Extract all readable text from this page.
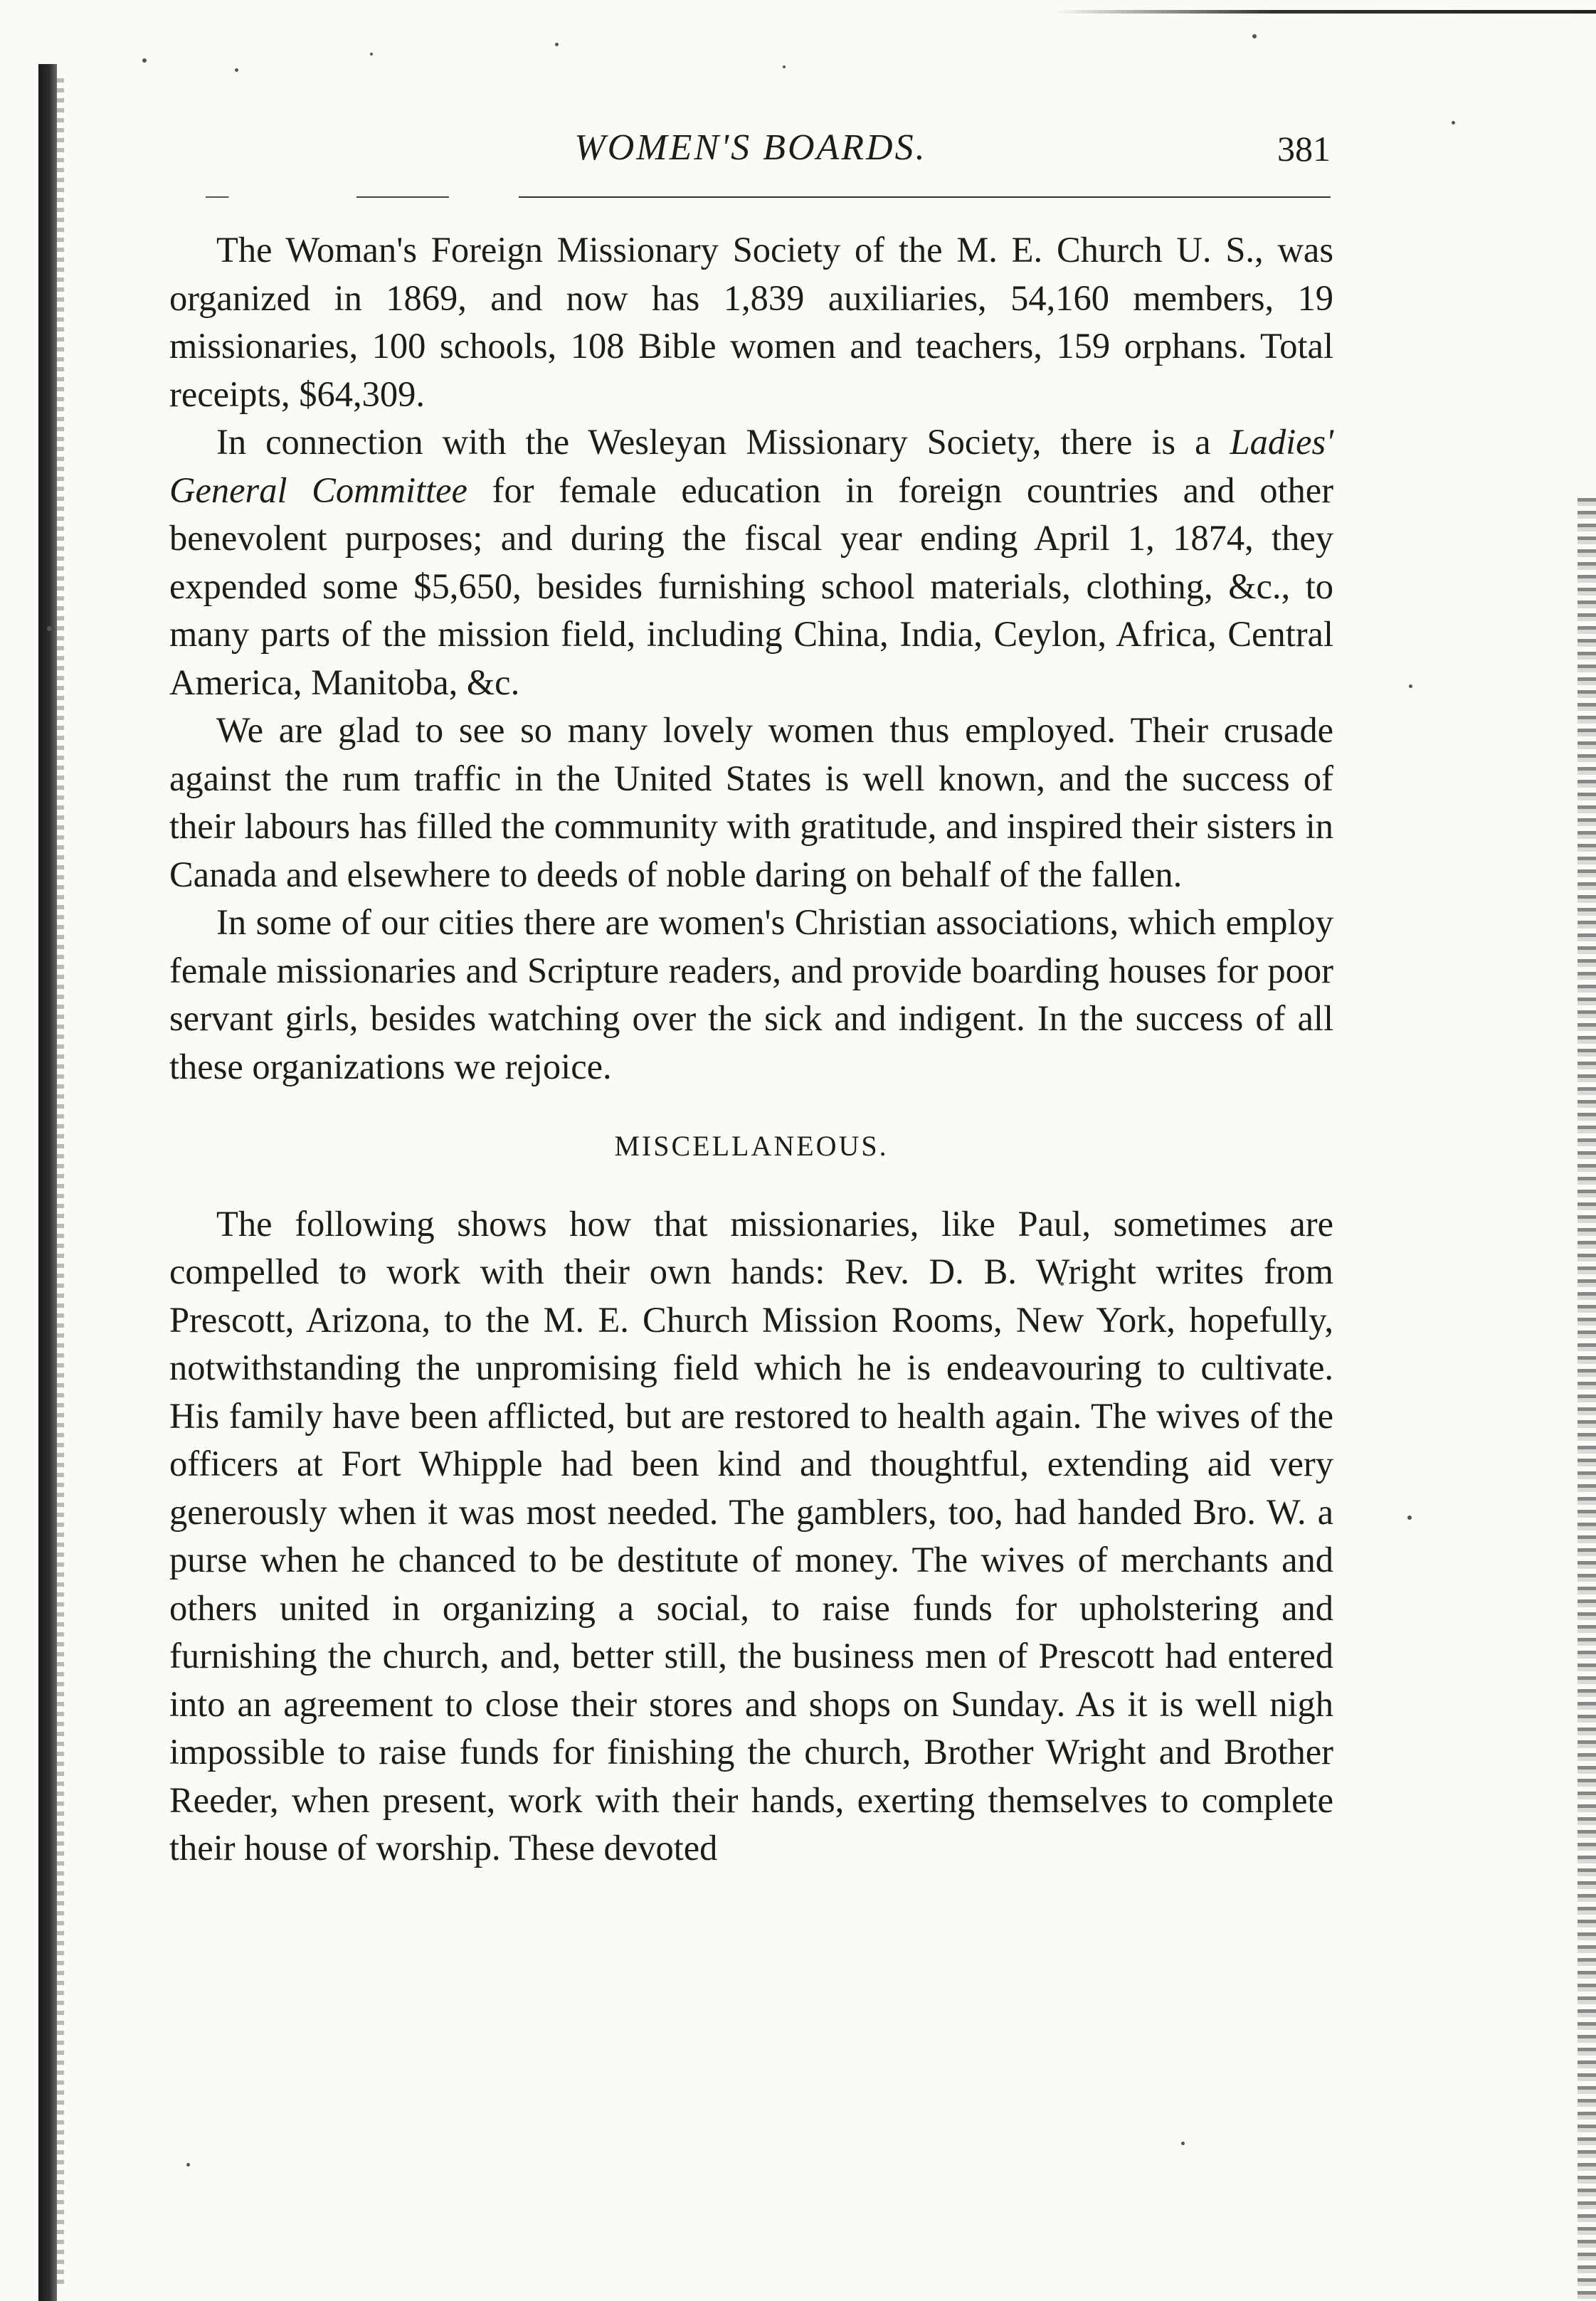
WOMEN'S BOARDS.	381

The Woman's Foreign Missionary Society of the M. E. Church U. S., was organized in 1869, and now has 1,839 auxiliaries, 54,160 members, 19 missionaries, 100 schools, 108 Bible women and teachers, 159 orphans. Total receipts, $64,309.

In connection with the Wesleyan Missionary Society, there is a Ladies' General Committee for female education in foreign countries and other benevolent purposes; and during the fiscal year ending April 1, 1874, they expended some $5,650, besides furnishing school materials, clothing, &c., to many parts of the mission field, including China, India, Ceylon, Africa, Central America, Manitoba, &c.

We are glad to see so many lovely women thus employed. Their crusade against the rum traffic in the United States is well known, and the success of their labours has filled the community with gratitude, and inspired their sisters in Canada and elsewhere to deeds of noble daring on behalf of the fallen.

In some of our cities there are women's Christian associations, which employ female missionaries and Scripture readers, and provide boarding houses for poor servant girls, besides watching over the sick and indigent. In the success of all these organizations we rejoice.

MISCELLANEOUS.

The following shows how that missionaries, like Paul, sometimes are compelled to work with their own hands: Rev. D. B. Wright writes from Prescott, Arizona, to the M. E. Church Mission Rooms, New York, hopefully, notwithstanding the unpromising field which he is endeavouring to cultivate. His family have been afflicted, but are restored to health again. The wives of the officers at Fort Whipple had been kind and thoughtful, extending aid very generously when it was most needed. The gamblers, too, had handed Bro. W. a purse when he chanced to be destitute of money. The wives of merchants and others united in organizing a social, to raise funds for upholstering and furnishing the church, and, better still, the business men of Prescott had entered into an agreement to close their stores and shops on Sunday. As it is well nigh impossible to raise funds for finishing the church, Brother Wright and Brother Reeder, when present, work with their hands, exerting themselves to complete their house of worship. These devoted
